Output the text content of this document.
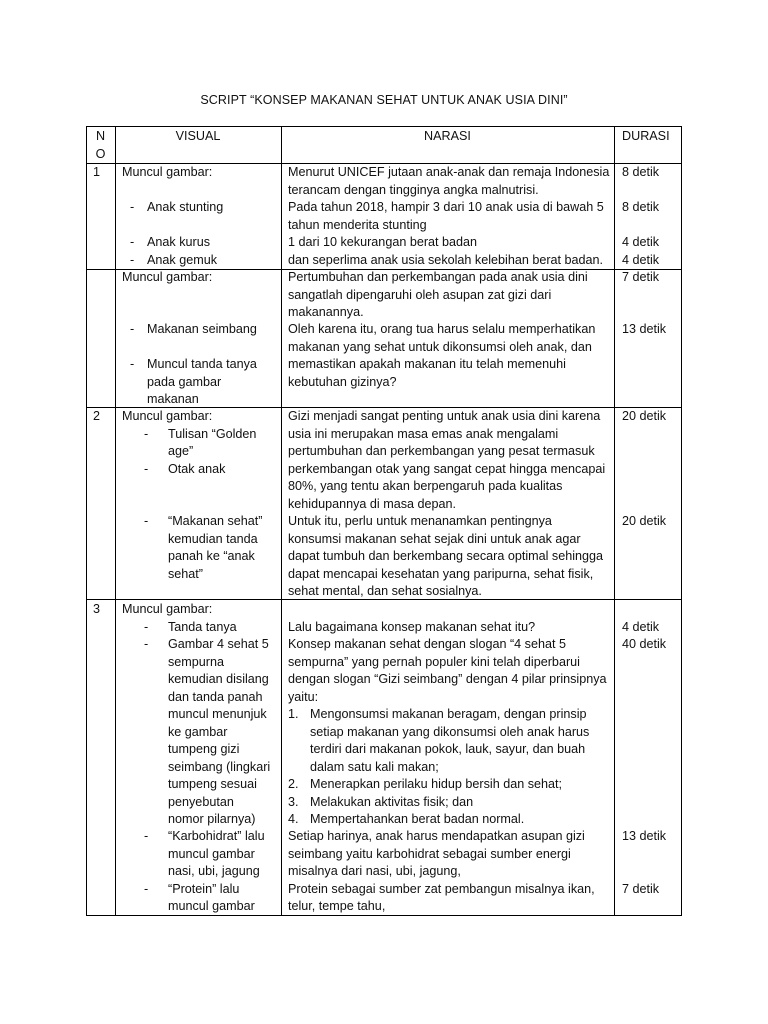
SCRIPT “KONSEP MAKANAN SEHAT UNTUK ANAK USIA DINI”
N
O
VISUAL	NARASI	DURASI
1 Muncul gambar:
- Anak stunting
- Anak kurus
- Anak gemuk
Menurut UNICEF jutaan anak-anak dan remaja Indonesia
terancam dengan tingginya angka malnutrisi.
Pada tahun 2018, hampir 3 dari 10 anak usia di bawah 5
tahun menderita stunting
1 dari 10 kekurangan berat badan
dan seperlima anak usia sekolah kelebihan berat badan.
8 detik
8 detik
4 detik
4 detik
Muncul gambar:
- Makanan seimbang
- Muncul tanda tanya
pada gambar
makanan
Pertumbuhan dan perkembangan pada anak usia dini
sangatlah dipengaruhi oleh asupan zat gizi dari
makanannya.
Oleh karena itu, orang tua harus selalu memperhatikan
makanan yang sehat untuk dikonsumsi oleh anak, dan
memastikan apakah makanan itu telah memenuhi
kebutuhan gizinya?
7 detik
13 detik
2 Muncul gambar:
- Tulisan “Golden
age”
- Otak anak
- “Makanan sehat”
kemudian tanda
panah ke “anak
sehat”
Gizi menjadi sangat penting untuk anak usia dini karena
usia ini merupakan masa emas anak mengalami
pertumbuhan dan perkembangan yang pesat termasuk
perkembangan otak yang sangat cepat hingga mencapai
80%, yang tentu akan berpengaruh pada kualitas
kehidupannya di masa depan.
Untuk itu, perlu untuk menanamkan pentingnya
konsumsi makanan sehat sejak dini untuk anak agar
dapat tumbuh dan berkembang secara optimal sehingga
dapat mencapai kesehatan yang paripurna, sehat fisik,
sehat mental, dan sehat sosialnya.
20 detik
20 detik
3 Muncul gambar:
- Tanda tanya
- Gambar 4 sehat 5
sempurna
kemudian disilang
dan tanda panah
muncul menunjuk
ke gambar
tumpeng gizi
seimbang (lingkari
tumpeng sesuai
penyebutan
nomor pilarnya)
- “Karbohidrat” lalu
muncul gambar
nasi, ubi, jagung
- “Protein” lalu
muncul gambar
Lalu bagaimana konsep makanan sehat itu?
Konsep makanan sehat dengan slogan “4 sehat 5
sempurna” yang pernah populer kini telah diperbarui
dengan slogan “Gizi seimbang” dengan 4 pilar prinsipnya
yaitu:
1. Mengonsumsi makanan beragam, dengan prinsip
setiap makanan yang dikonsumsi oleh anak harus
terdiri dari makanan pokok, lauk, sayur, dan buah
dalam satu kali makan;
2. Menerapkan perilaku hidup bersih dan sehat;
3. Melakukan aktivitas fisik; dan
4. Mempertahankan berat badan normal.
Setiap harinya, anak harus mendapatkan asupan gizi
seimbang yaitu karbohidrat sebagai sumber energi
misalnya dari nasi, ubi, jagung,
Protein sebagai sumber zat pembangun misalnya ikan,
telur, tempe tahu,
4 detik
40 detik
13 detik
7 detik
